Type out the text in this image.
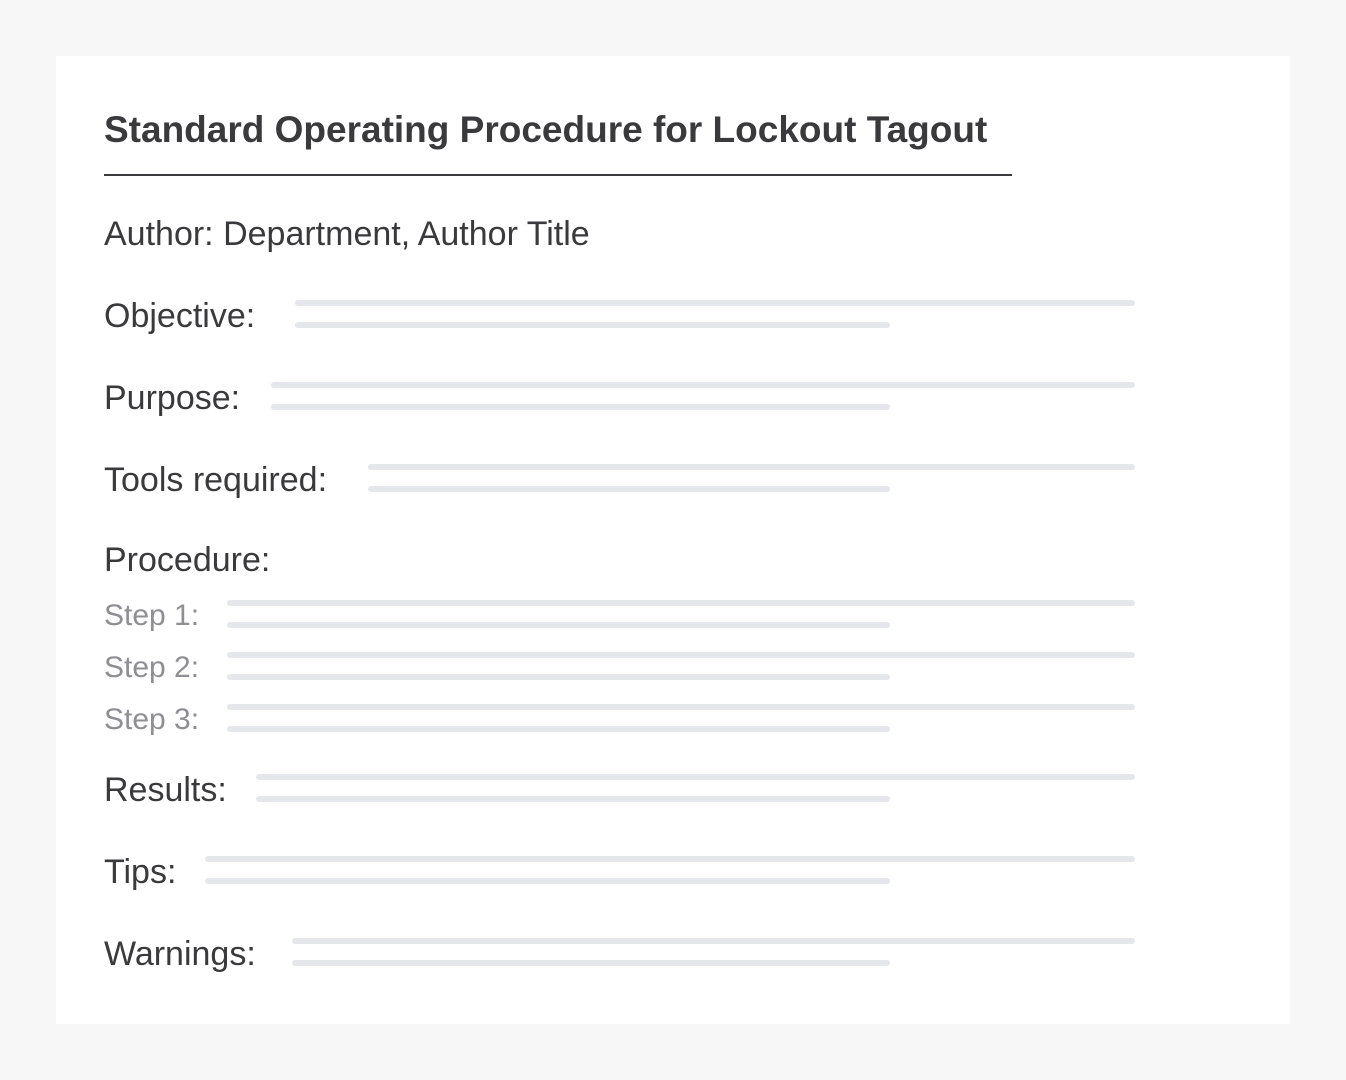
Standard Operating Procedure for Lockout Tagout
Author: Department, Author Title
Objective:
Purpose:
Tools required:
Procedure:
Step 1:
Step 2:
Step 3:
Results:
Tips:
Warnings:
